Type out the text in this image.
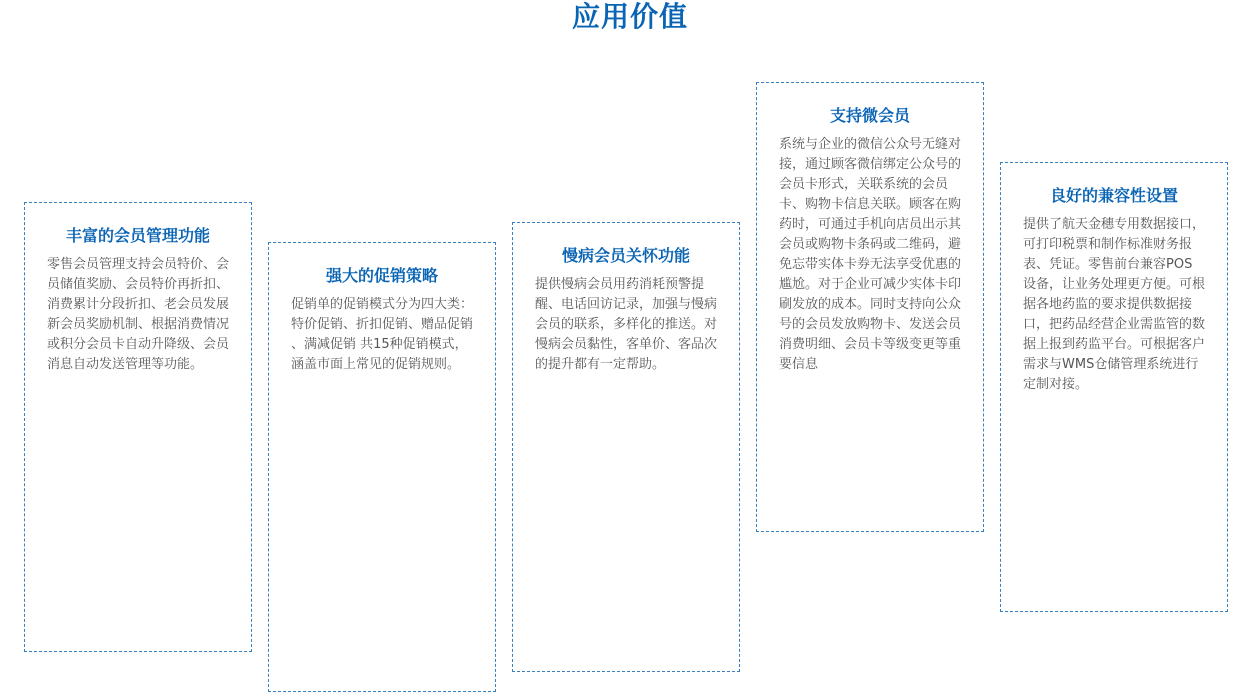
应用价值
丰富的会员管理功能
零售会员管理支持会员特价、会员储值奖励、会员特价再折扣、消费累计分段折扣、老会员发展新会员奖励机制、根据消费情况或积分会员卡自动升降级、会员消息自动发送管理等功能。
强大的促销策略
促销单的促销模式分为四大类：特价促销、折扣促销、赠品促销 、满减促销 共15种促销模式，涵盖市面上常见的促销规则。
慢病会员关怀功能
提供慢病会员用药消耗预警提醒、电话回访记录，加强与慢病会员的联系，多样化的推送。对慢病会员黏性，客单价、客品次的提升都有一定帮助。
支持微会员
系统与企业的微信公众号无缝对接，通过顾客微信绑定公众号的会员卡形式，关联系统的会员卡、购物卡信息关联。顾客在购药时，可通过手机向店员出示其会员或购物卡条码或二维码，避免忘带实体卡券无法享受优惠的尴尬。对于企业可减少实体卡印刷发放的成本。同时支持向公众号的会员发放购物卡、发送会员消费明细、会员卡等级变更等重要信息
良好的兼容性设置
提供了航天金穗专用数据接口，可打印税票和制作标准财务报表、凭证。零售前台兼容POS设备，让业务处理更方便。可根据各地药监的要求提供数据接口，把药品经营企业需监管的数据上报到药监平台。可根据客户需求与WMS仓储管理系统进行定制对接。
